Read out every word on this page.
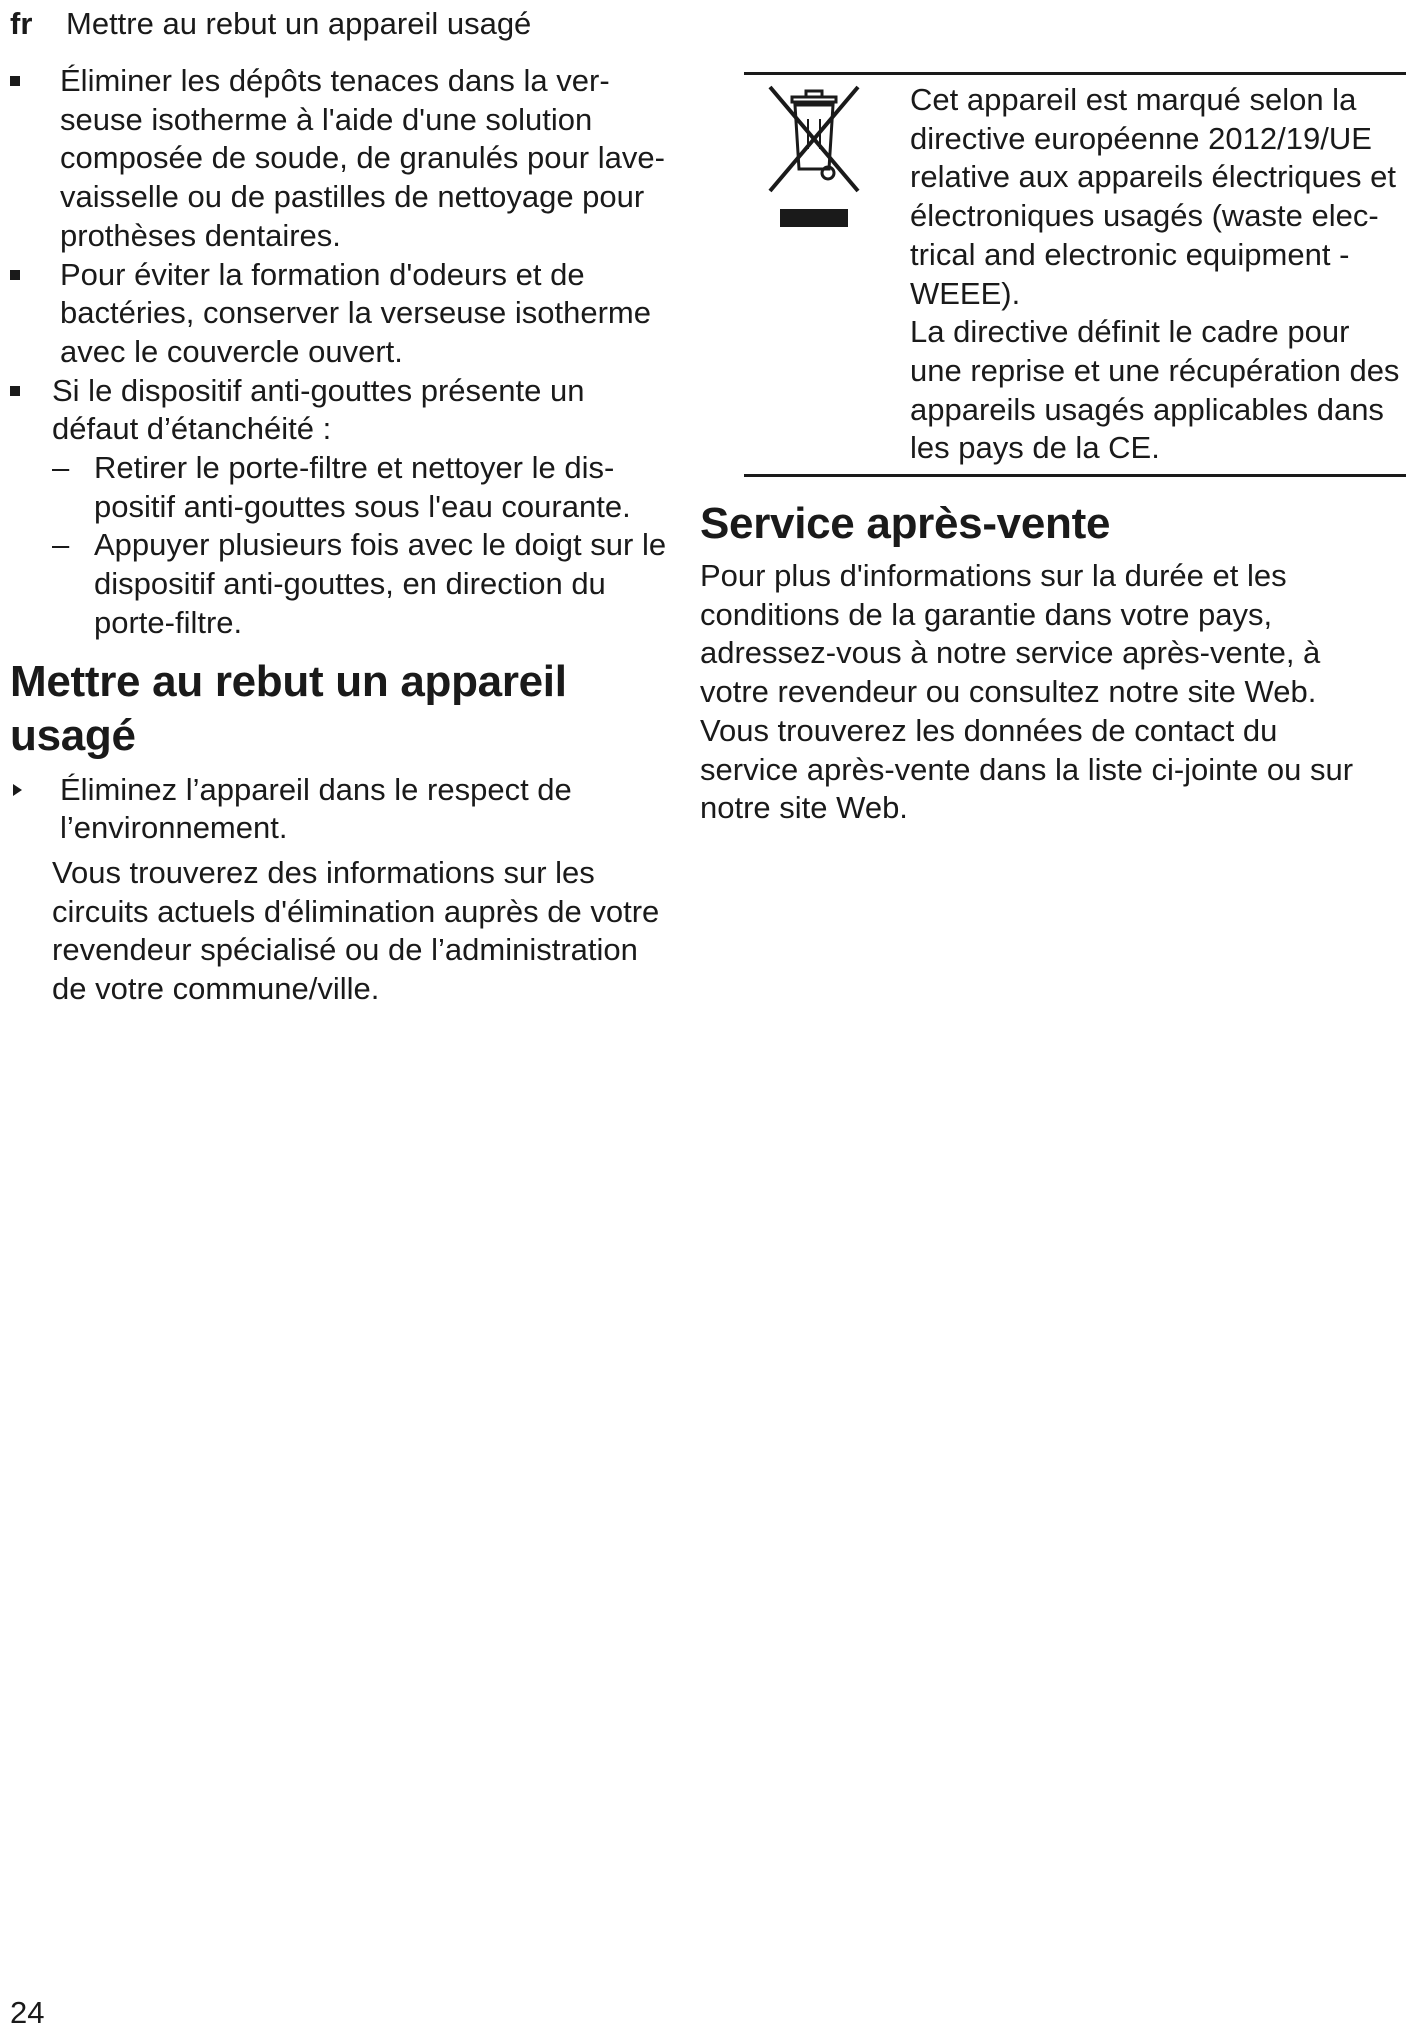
fr Mettre au rebut un appareil usagé
Éliminer les dépôts tenaces dans la verseuse isotherme à l'aide d'une solution composée de soude, de granulés pour lave-vaisselle ou de pastilles de nettoyage pour prothèses dentaires.
Pour éviter la formation d'odeurs et de bactéries, conserver la verseuse isotherme avec le couvercle ouvert.
Si le dispositif anti-gouttes présente un défaut d’étanchéité :
– Retirer le porte-filtre et nettoyer le dispositif anti-gouttes sous l'eau courante.
– Appuyer plusieurs fois avec le doigt sur le dispositif anti-gouttes, en direction du porte-filtre.
Mettre au rebut un appareil
usagé
Éliminez l’appareil dans le respect de l’environnement.

Vous trouverez des informations sur les circuits actuels d'élimination auprès de votre revendeur spécialisé ou de l’administration de votre commune/ville.

Cet appareil est marqué selon la directive européenne 2012/19/UE relative aux appareils électriques et électroniques usagés (waste electrical and electronic equipment - WEEE).
La directive définit le cadre pour une reprise et une récupération des appareils usagés applicables dans les pays de la CE.
Service après-vente

Pour plus d'informations sur la durée et les conditions de la garantie dans votre pays, adressez-vous à notre service après-vente, à votre revendeur ou consultez notre site Web.

Vous trouverez les données de contact du service après-vente dans la liste ci-jointe ou sur notre site Web.

24
